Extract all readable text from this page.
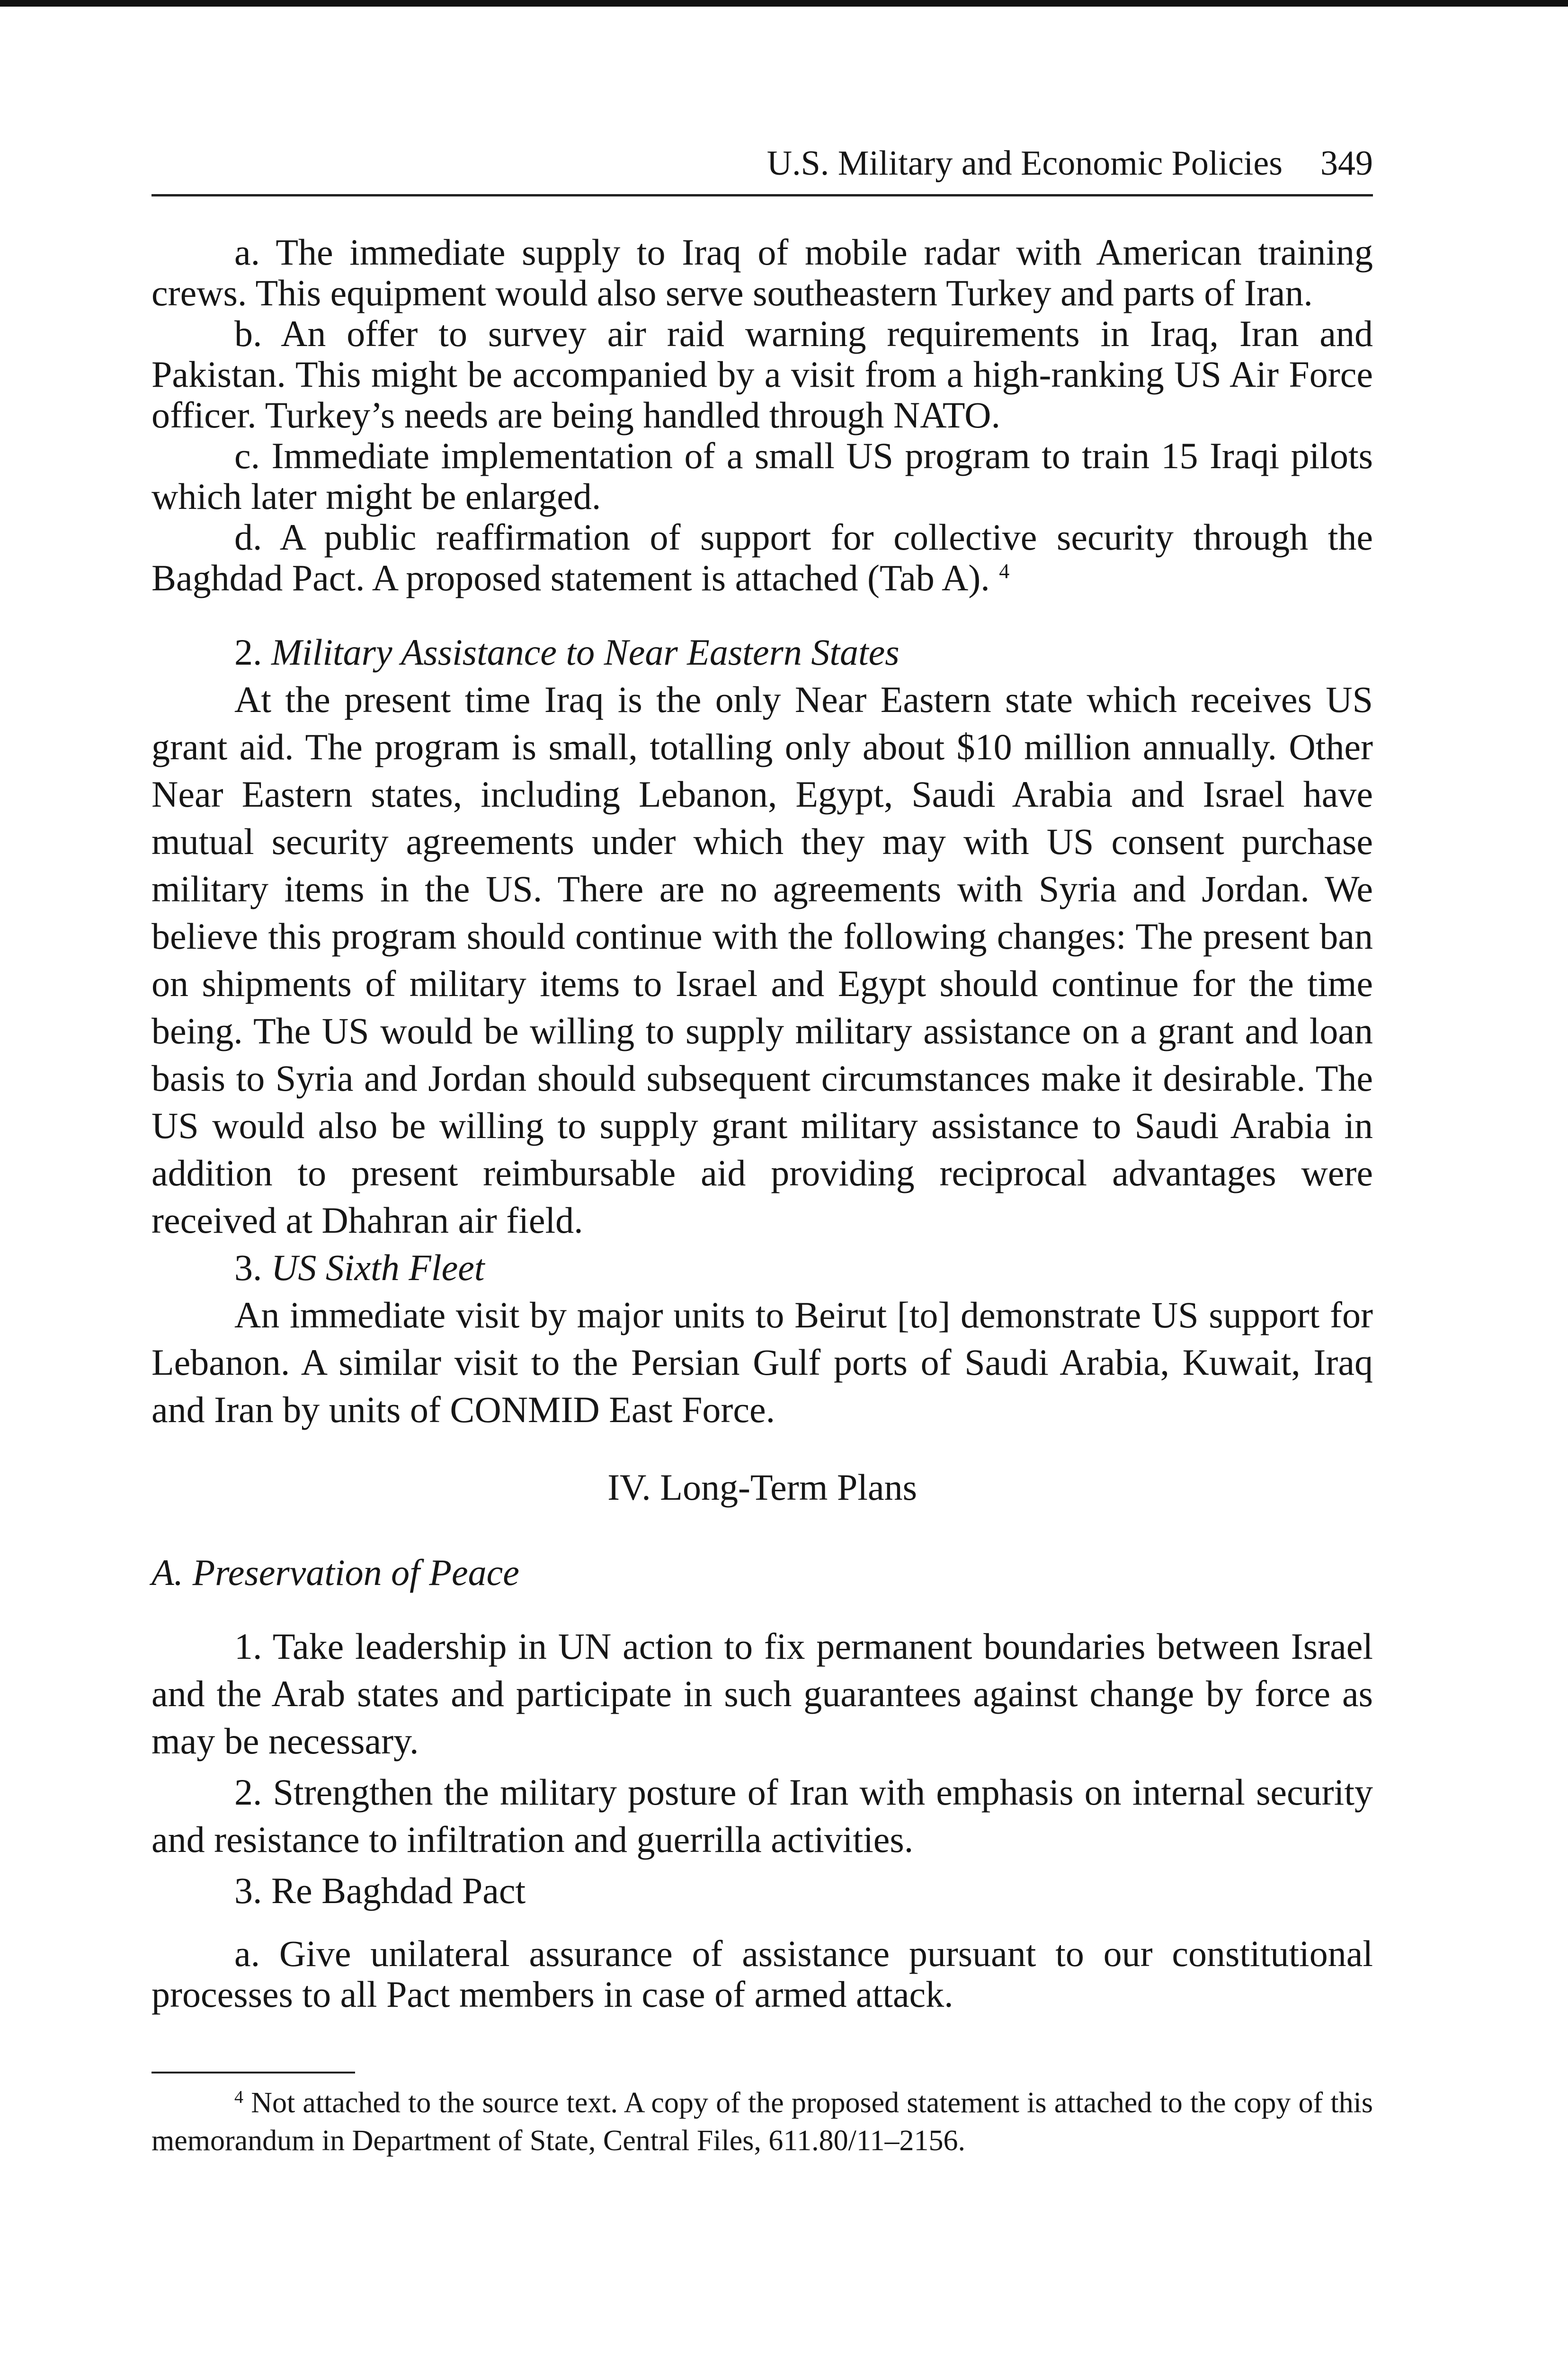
U.S. Military and Economic Policies 349

a. The immediate supply to Iraq of mobile radar with American training crews. This equipment would also serve southeastern Turkey and parts of Iran.

b. An offer to survey air raid warning requirements in Iraq, Iran and Pakistan. This might be accompanied by a visit from a high-ranking US Air Force officer. Turkey’s needs are being handled through NATO.

c. Immediate implementation of a small US program to train 15 Iraqi pilots which later might be enlarged.

d. A public reaffirmation of support for collective security through the Baghdad Pact. A proposed statement is attached (Tab A). $^4$

2. Military Assistance to Near Eastern States

At the present time Iraq is the only Near Eastern state which receives US grant aid. The program is small, totalling only about $10 million annually. Other Near Eastern states, including Lebanon, Egypt, Saudi Arabia and Israel have mutual security agreements under which they may with US consent purchase military items in the US. There are no agreements with Syria and Jordan. We believe this program should continue with the following changes: The present ban on shipments of military items to Israel and Egypt should continue for the time being. The US would be willing to supply military assistance on a grant and loan basis to Syria and Jordan should subsequent circumstances make it desirable. The US would also be willing to supply grant military assistance to Saudi Arabia in addition to present reimbursable aid providing reciprocal advantages were received at Dhahran air field.

3. US Sixth Fleet

An immediate visit by major units to Beirut [to] demonstrate US support for Lebanon. A similar visit to the Persian Gulf ports of Saudi Arabia, Kuwait, Iraq and Iran by units of CONMID East Force.

IV. Long-Term Plans

A. Preservation of Peace

1. Take leadership in UN action to fix permanent boundaries between Israel and the Arab states and participate in such guarantees against change by force as may be necessary.

2. Strengthen the military posture of Iran with emphasis on internal security and resistance to infiltration and guerrilla activities.

3. Re Baghdad Pact

a. Give unilateral assurance of assistance pursuant to our constitutional processes to all Pact members in case of armed attack.

$^4$ Not attached to the source text. A copy of the proposed statement is attached to the copy of this memorandum in Department of State, Central Files, 611.80/11–2156.
